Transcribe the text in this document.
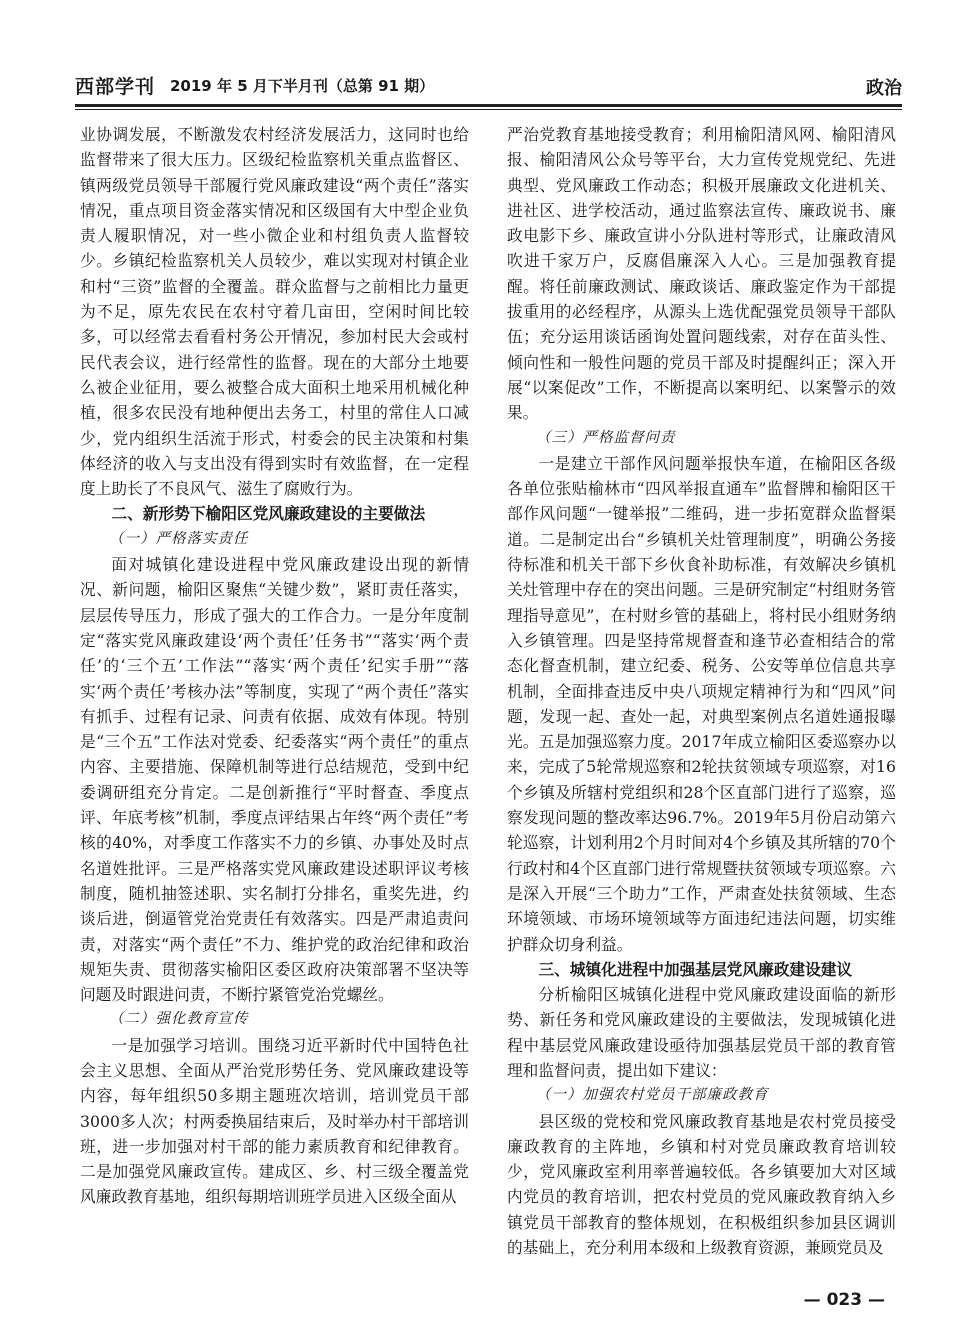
西部学刊 2019 年 5 月下半月刊（总第 91 期）	政治

业协调发展，不断激发农村经济发展活力，这同时也给监督带来了很大压力。区级纪检监察机关重点监督区、镇两级党员领导干部履行党风廉政建设“两个责任”落实情况，重点项目资金落实情况和区级国有大中型企业负责人履职情况，对一些小微企业和村组负责人监督较少。乡镇纪检监察机关人员较少，难以实现对村镇企业和村“三资”监督的全覆盖。群众监督与之前相比力量更为不足，原先农民在农村守着几亩田，空闲时间比较多，可以经常去看看村务公开情况，参加村民大会或村民代表会议，进行经常性的监督。现在的大部分土地要么被企业征用，要么被整合成大面积土地采用机械化种植，很多农民没有地种便出去务工，村里的常住人口减少，党内组织生活流于形式，村委会的民主决策和村集体经济的收入与支出没有得到实时有效监督，在一定程度上助长了不良风气、滋生了腐败行为。

二、新形势下榆阳区党风廉政建设的主要做法
（一）严格落实责任

面对城镇化建设进程中党风廉政建设出现的新情况、新问题，榆阳区聚焦“关键少数”，紧盯责任落实，层层传导压力，形成了强大的工作合力。一是分年度制定“落实党风廉政建设‘两个责任’任务书”“落实‘两个责任’的‘三个五’工作法”“落实‘两个责任’纪实手册”“落实‘两个责任’考核办法”等制度，实现了“两个责任”落实有抓手、过程有记录、问责有依据、成效有体现。特别是“三个五”工作法对党委、纪委落实“两个责任”的重点内容、主要措施、保障机制等进行总结规范，受到中纪委调研组充分肯定。二是创新推行“平时督查、季度点评、年底考核”机制，季度点评结果占年终“两个责任”考核的40%，对季度工作落实不力的乡镇、办事处及时点名道姓批评。三是严格落实党风廉政建设述职评议考核制度，随机抽签述职、实名制打分排名，重奖先进，约谈后进，倒逼管党治党责任有效落实。四是严肃追责问责，对落实“两个责任”不力、维护党的政治纪律和政治规矩失责、贯彻落实榆阳区委区政府决策部署不坚决等问题及时跟进问责，不断拧紧管党治党螺丝。

（二）强化教育宣传

一是加强学习培训。围绕习近平新时代中国特色社会主义思想、全面从严治党形势任务、党风廉政建设等内容，每年组织50多期主题班次培训，培训党员干部3000多人次；村两委换届结束后，及时举办村干部培训班，进一步加强对村干部的能力素质教育和纪律教育。二是加强党风廉政宣传。建成区、乡、村三级全覆盖党风廉政教育基地，组织每期培训班学员进入区级全面从

严治党教育基地接受教育；利用榆阳清风网、榆阳清风报、榆阳清风公众号等平台，大力宣传党规党纪、先进典型、党风廉政工作动态；积极开展廉政文化进机关、进社区、进学校活动，通过监察法宣传、廉政说书、廉政电影下乡、廉政宣讲小分队进村等形式，让廉政清风吹进千家万户，反腐倡廉深入人心。三是加强教育提醒。将任前廉政测试、廉政谈话、廉政鉴定作为干部提拔重用的必经程序，从源头上选优配强党员领导干部队伍；充分运用谈话函询处置问题线索，对存在苗头性、倾向性和一般性问题的党员干部及时提醒纠正；深入开展“以案促改”工作，不断提高以案明纪、以案警示的效果。

（三）严格监督问责

一是建立干部作风问题举报快车道，在榆阳区各级各单位张贴榆林市“四风举报直通车”监督牌和榆阳区干部作风问题“一键举报”二维码，进一步拓宽群众监督渠道。二是制定出台“乡镇机关灶管理制度”，明确公务接待标准和机关干部下乡伙食补助标准，有效解决乡镇机关灶管理中存在的突出问题。三是研究制定“村组财务管理指导意见”，在村财乡管的基础上，将村民小组财务纳入乡镇管理。四是坚持常规督查和逢节必查相结合的常态化督查机制，建立纪委、税务、公安等单位信息共享机制，全面排查违反中央八项规定精神行为和“四风”问题，发现一起、查处一起，对典型案例点名道姓通报曝光。五是加强巡察力度。2017年成立榆阳区委巡察办以来，完成了5轮常规巡察和2轮扶贫领域专项巡察，对16个乡镇及所辖村党组织和28个区直部门进行了巡察，巡察发现问题的整改率达96.7%。2019年5月份启动第六轮巡察，计划利用2个月时间对4个乡镇及其所辖的70个行政村和4个区直部门进行常规暨扶贫领域专项巡察。六是深入开展“三个助力”工作，严肃查处扶贫领域、生态环境领域、市场环境领域等方面违纪违法问题，切实维护群众切身利益。

三、城镇化进程中加强基层党风廉政建设建议

分析榆阳区城镇化进程中党风廉政建设面临的新形势、新任务和党风廉政建设的主要做法，发现城镇化进程中基层党风廉政建设亟待加强基层党员干部的教育管理和监督问责，提出如下建议：

（一）加强农村党员干部廉政教育

县区级的党校和党风廉政教育基地是农村党员接受廉政教育的主阵地，乡镇和村对党员廉政教育培训较少，党风廉政室利用率普遍较低。各乡镇要加大对区域内党员的教育培训，把农村党员的党风廉政教育纳入乡镇党员干部教育的整体规划，在积极组织参加县区调训的基础上，充分利用本级和上级教育资源，兼顾党员及

— 023 —
